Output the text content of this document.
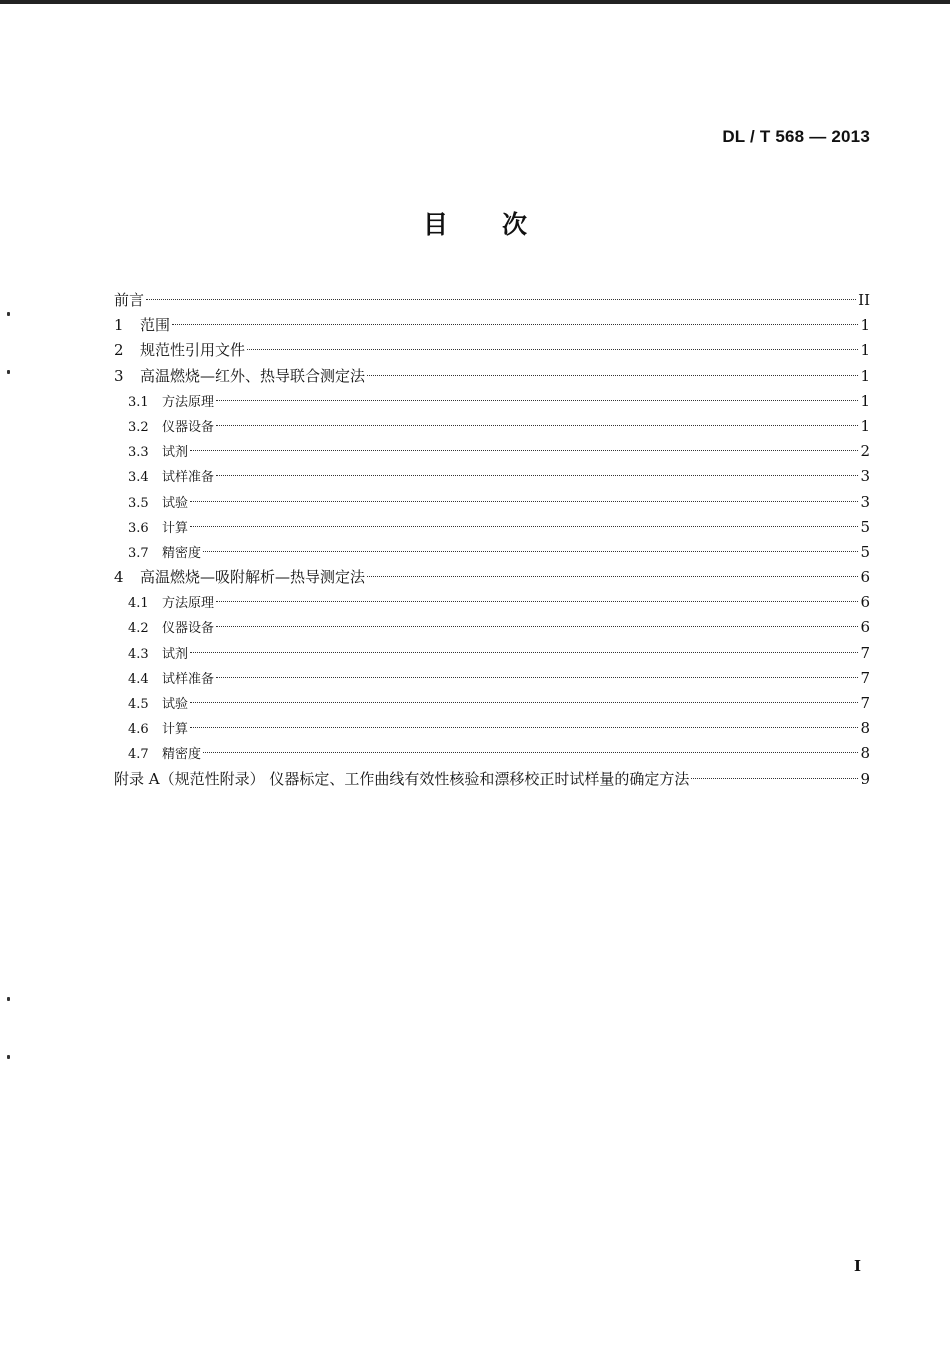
DL / T 568 — 2013
目 次
前言	II
1	范围	1
2	规范性引用文件	1
3	高温燃烧—红外、热导联合测定法	1
3.1	方法原理	1
3.2	仪器设备	1
3.3	试剂	2
3.4	试样准备	3
3.5	试验	3
3.6	计算	5
3.7	精密度	5
4	高温燃烧—吸附解析—热导测定法	6
4.1	方法原理	6
4.2	仪器设备	6
4.3	试剂	7
4.4	试样准备	7
4.5	试验	7
4.6	计算	8
4.7	精密度	8
附录 A（规范性附录） 仪器标定、工作曲线有效性核验和漂移校正时试样量的确定方法	9
I
